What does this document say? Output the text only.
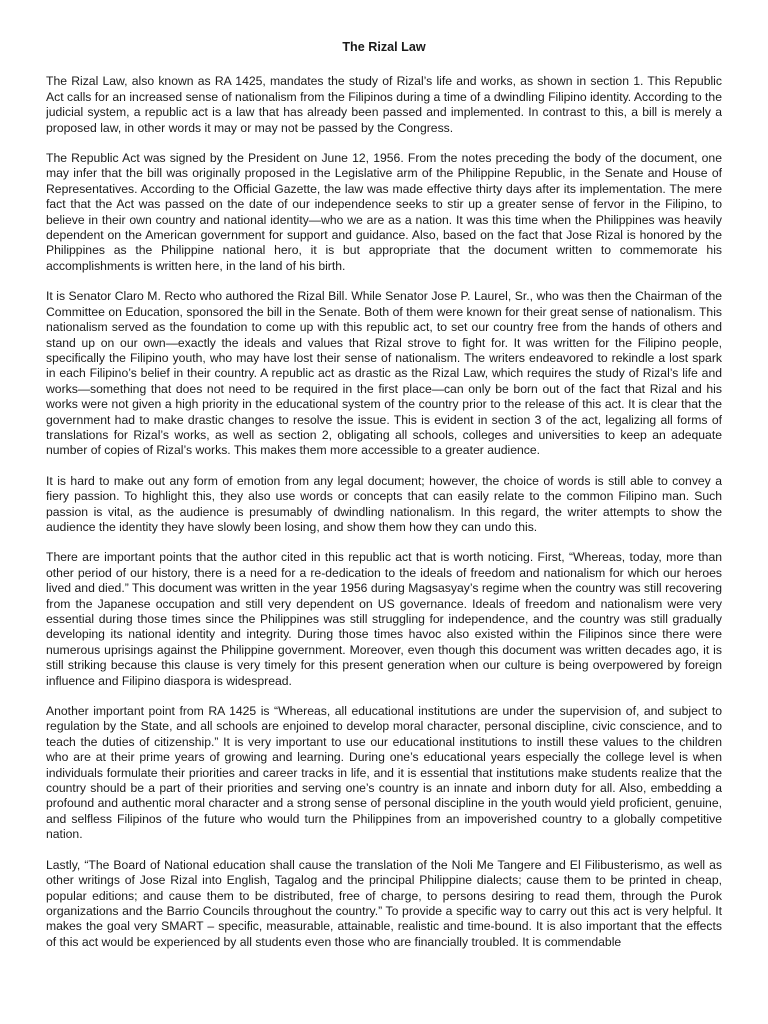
The Rizal Law

The Rizal Law, also known as RA 1425, mandates the study of Rizal’s life and works, as shown in section 1. This Republic Act calls for an increased sense of nationalism from the Filipinos during a time of a dwindling Filipino identity. According to the judicial system, a republic act is a law that has already been passed and implemented. In contrast to this, a bill is merely a proposed law, in other words it may or may not be passed by the Congress.

The Republic Act was signed by the President on June 12, 1956. From the notes preceding the body of the document, one may infer that the bill was originally proposed in the Legislative arm of the Philippine Republic, in the Senate and House of Representatives. According to the Official Gazette, the law was made effective thirty days after its implementation. The mere fact that the Act was passed on the date of our independence seeks to stir up a greater sense of fervor in the Filipino, to believe in their own country and national identity—who we are as a nation. It was this time when the Philippines was heavily dependent on the American government for support and guidance. Also, based on the fact that Jose Rizal is honored by the Philippines as the Philippine national hero, it is but appropriate that the document written to commemorate his accomplishments is written here, in the land of his birth.

It is Senator Claro M. Recto who authored the Rizal Bill. While Senator Jose P. Laurel, Sr., who was then the Chairman of the Committee on Education, sponsored the bill in the Senate. Both of them were known for their great sense of nationalism. This nationalism served as the foundation to come up with this republic act, to set our country free from the hands of others and stand up on our own—exactly the ideals and values that Rizal strove to fight for. It was written for the Filipino people, specifically the Filipino youth, who may have lost their sense of nationalism. The writers endeavored to rekindle a lost spark in each Filipino’s belief in their country. A republic act as drastic as the Rizal Law, which requires the study of Rizal’s life and works—something that does not need to be required in the first place—can only be born out of the fact that Rizal and his works were not given a high priority in the educational system of the country prior to the release of this act. It is clear that the government had to make drastic changes to resolve the issue. This is evident in section 3 of the act, legalizing all forms of translations for Rizal’s works, as well as section 2, obligating all schools, colleges and universities to keep an adequate number of copies of Rizal’s works. This makes them more accessible to a greater audience.

It is hard to make out any form of emotion from any legal document; however, the choice of words is still able to convey a fiery passion. To highlight this, they also use words or concepts that can easily relate to the common Filipino man. Such passion is vital, as the audience is presumably of dwindling nationalism. In this regard, the writer attempts to show the audience the identity they have slowly been losing, and show them how they can undo this.

There are important points that the author cited in this republic act that is worth noticing. First, “Whereas, today, more than other period of our history, there is a need for a re-dedication to the ideals of freedom and nationalism for which our heroes lived and died.” This document was written in the year 1956 during Magsasyay’s regime when the country was still recovering from the Japanese occupation and still very dependent on US governance. Ideals of freedom and nationalism were very essential during those times since the Philippines was still struggling for independence, and the country was still gradually developing its national identity and integrity. During those times havoc also existed within the Filipinos since there were numerous uprisings against the Philippine government. Moreover, even though this document was written decades ago, it is still striking because this clause is very timely for this present generation when our culture is being overpowered by foreign influence and Filipino diaspora is widespread.

Another important point from RA 1425 is “Whereas, all educational institutions are under the supervision of, and subject to regulation by the State, and all schools are enjoined to develop moral character, personal discipline, civic conscience, and to teach the duties of citizenship.” It is very important to use our educational institutions to instill these values to the children who are at their prime years of growing and learning. During one’s educational years especially the college level is when individuals formulate their priorities and career tracks in life, and it is essential that institutions make students realize that the country should be a part of their priorities and serving one’s country is an innate and inborn duty for all. Also, embedding a profound and authentic moral character and a strong sense of personal discipline in the youth would yield proficient, genuine, and selfless Filipinos of the future who would turn the Philippines from an impoverished country to a globally competitive nation.

Lastly, “The Board of National education shall cause the translation of the Noli Me Tangere and El Filibusterismo, as well as other writings of Jose Rizal into English, Tagalog and the principal Philippine dialects; cause them to be printed in cheap, popular editions; and cause them to be distributed, free of charge, to persons desiring to read them, through the Purok organizations and the Barrio Councils throughout the country.” To provide a specific way to carry out this act is very helpful. It makes the goal very SMART – specific, measurable, attainable, realistic and time-bound. It is also important that the effects of this act would be experienced by all students even those who are financially troubled. It is commendable
